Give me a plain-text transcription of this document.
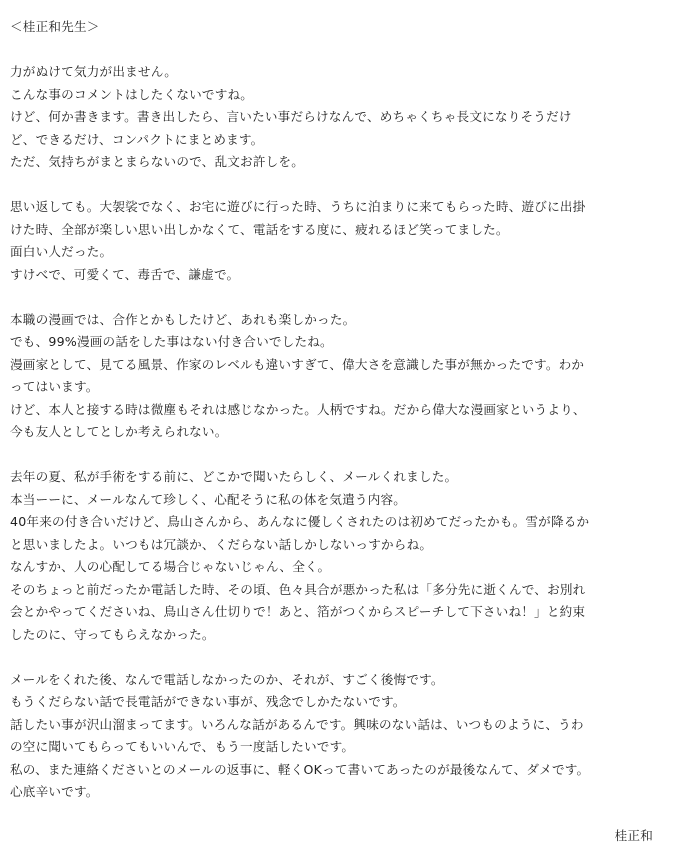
＜桂正和先生＞
力がぬけて気力が出ません。
こんな事のコメントはしたくないですね。
けど、何か書きます。書き出したら、言いたい事だらけなんで、めちゃくちゃ長文になりそうだけ
ど、できるだけ、コンパクトにまとめます。
ただ、気持ちがまとまらないので、乱文お許しを。
思い返しても。大袈裟でなく、お宅に遊びに行った時、うちに泊まりに来てもらった時、遊びに出掛
けた時、全部が楽しい思い出しかなくて、電話をする度に、疲れるほど笑ってました。
面白い人だった。
すけべで、可愛くて、毒舌で、謙虚で。
本職の漫画では、合作とかもしたけど、あれも楽しかった。
でも、99%漫画の話をした事はない付き合いでしたね。
漫画家として、見てる風景、作家のレベルも違いすぎて、偉大さを意識した事が無かったです。わか
ってはいます。
けど、本人と接する時は微塵もそれは感じなかった。人柄ですね。だから偉大な漫画家というより、
今も友人としてとしか考えられない。
去年の夏、私が手術をする前に、どこかで聞いたらしく、メールくれました。
本当ーーに、メールなんて珍しく、心配そうに私の体を気遣う内容。
40年来の付き合いだけど、鳥山さんから、あんなに優しくされたのは初めてだったかも。雪が降るか
と思いましたよ。いつもは冗談か、くだらない話しかしないっすからね。
なんすか、人の心配してる場合じゃないじゃん、全く。
そのちょっと前だったか電話した時、その頃、色々具合が悪かった私は「多分先に逝くんで、お別れ
会とかやってくださいね、鳥山さん仕切りで！あと、箔がつくからスピーチして下さいね！」と約束
したのに、守ってもらえなかった。
メールをくれた後、なんで電話しなかったのか、それが、すごく後悔です。
もうくだらない話で長電話ができない事が、残念でしかたないです。
話したい事が沢山溜まってます。いろんな話があるんです。興味のない話は、いつものように、うわ
の空に聞いてもらってもいいんで、もう一度話したいです。
私の、また連絡くださいとのメールの返事に、軽くOKって書いてあったのが最後なんて、ダメです。
心底辛いです。
桂正和
